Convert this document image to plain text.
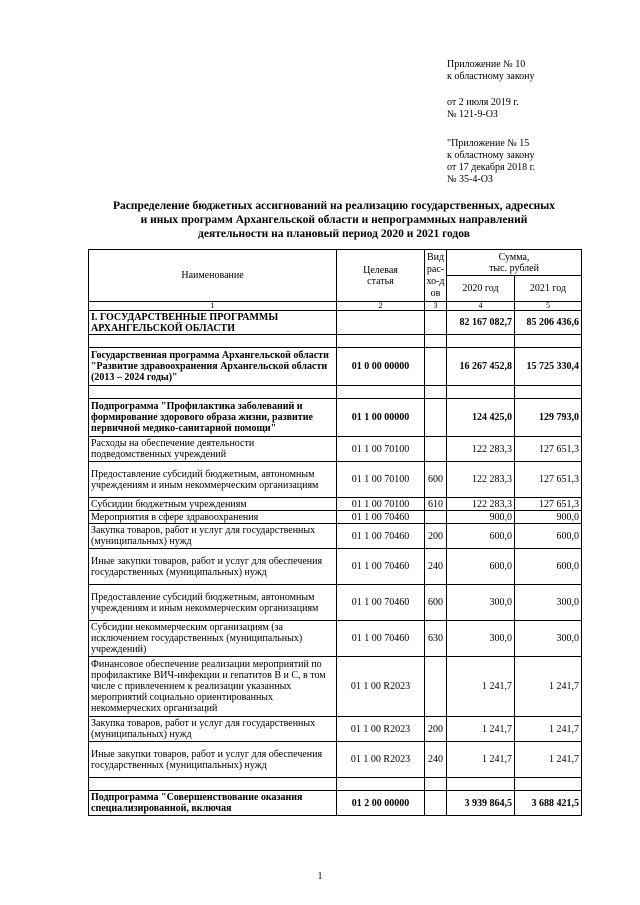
Приложение № 10
к областному закону
от 2 июля 2019 г.
№ 121-9-ОЗ
"Приложение № 15
к областному закону
от 17 декабря 2018 г.
№ 35-4-ОЗ
Распределение бюджетных ассигнований на реализацию государственных, адресных
и иных программ Архангельской области и непрограммных направлений
деятельности на плановый период 2020 и 2021 годов
Наименование	Целевая статья	Вид рас-хо-дов	Сумма,
тыс. рублей	

			2020 год	2021 год
1	2	3	4	5
I. ГОСУДАРСТВЕННЫЕ ПРОГРАММЫ АРХАНГЕЛЬСКОЙ ОБЛАСТИ			82 167 082,7	85 206 436,6

Государственная программа Архангельской области "Развитие здравоохранения Архангельской области (2013 – 2024 годы)"	01 0 00 00000		16 267 452,8	15 725 330,4

Подпрограмма "Профилактика заболеваний и формирование здорового образа жизни, развитие первичной медико-санитарной помощи"	01 1 00 00000		124 425,0	129 793,0
Расходы на обеспечение деятельности подведомственных учреждений	01 1 00 70100		122 283,3	127 651,3
Предоставление субсидий бюджетным, автономным учреждениям и иным некоммерческим организациям	01 1 00 70100	600	122 283,3	127 651,3
Субсидии бюджетным учреждениям	01 1 00 70100	610	122 283,3	127 651,3
Мероприятия в сфере здравоохранения	01 1 00 70460		900,0	900,0
Закупка товаров, работ и услуг для государственных (муниципальных) нужд	01 1 00 70460	200	600,0	600,0
Иные закупки товаров, работ и услуг для обеспечения государственных (муниципальных) нужд	01 1 00 70460	240	600,0	600,0
Предоставление субсидий бюджетным, автономным учреждениям и иным некоммерческим организациям	01 1 00 70460	600	300,0	300,0
Субсидии некоммерческим организациям (за исключением государственных (муниципальных) учреждений)	01 1 00 70460	630	300,0	300,0
Финансовое обеспечение реализации мероприятий по профилактике ВИЧ-инфекции и гепатитов В и С, в том числе с привлечением к реализации указанных мероприятий социально ориентированных некоммерческих организаций	01 1 00 R2023		1 241,7	1 241,7
Закупка товаров, работ и услуг для государственных (муниципальных) нужд	01 1 00 R2023	200	1 241,7	1 241,7
Иные закупки товаров, работ и услуг для обеспечения государственных (муниципальных) нужд	01 1 00 R2023	240	1 241,7	1 241,7

Подпрограмма "Совершенствование оказания специализированной, включая	01 2 00 00000		3 939 864,5	3 688 421,5
1
